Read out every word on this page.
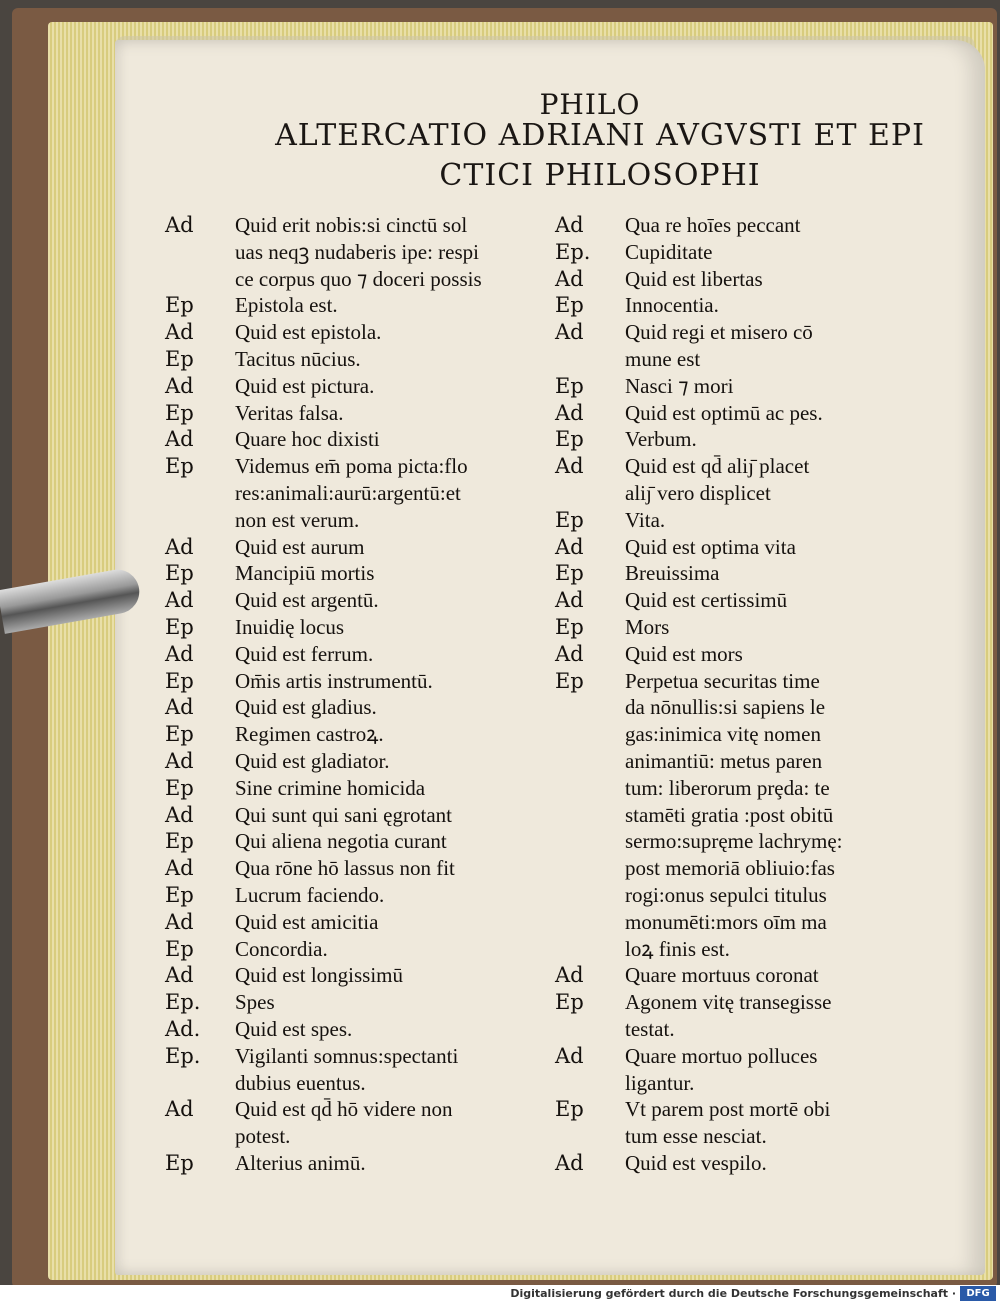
PHILO
ALTERCATIO ADRIANI AVGVSTI ET EPI
CTICI PHILOSOPHI
Ad	Quid erit nobis:si cinctū sol
uas neqꝫ nudaberis ipe: respi
ce corpus quo ⁊ doceri possis
Ep	Epistola est.
Ad	Quid est epistola.
Ep	Tacitus nūcius.
Ad	Quid est pictura.
Ep	Veritas falsa.
Ad	Quare hoc dixisti
Ep	Videmus em̄ poma picta:flo
res:animali:aurū:argentū:et
non est verum.
Ad	Quid est aurum
Ep	Mancipiū mortis
Ad	Quid est argentū.
Ep	Inuidię locus
Ad	Quid est ferrum.
Ep	Om̄is artis instrumentū.
Ad	Quid est gladius.
Ep	Regimen castroꝝ.
Ad	Quid est gladiator.
Ep	Sine crimine homicida
Ad	Qui sunt qui sani ęgrotant
Ep	Qui aliena negotia curant
Ad	Qua rōne hō lassus non fit
Ep	Lucrum faciendo.
Ad	Quid est amicitia
Ep	Concordia.
Ad	Quid est longissimū
Ep.	Spes
Ad.	Quid est spes.
Ep.	Vigilanti somnus:spectanti
dubius euentus.
Ad	Quid est qd̄ hō videre non
potest.
Ep	Alterius animū.
Ad	Qua re hoīes peccant
Ep.	Cupiditate
Ad	Quid est libertas
Ep	Innocentia.
Ad	Quid regi et misero cō
mune est
Ep	Nasci ⁊ mori
Ad	Quid est optimū ac pes.
Ep	Verbum.
Ad	Quid est qd̄ aliȷ̄ placet
aliȷ̄ vero displicet
Ep	Vita.
Ad	Quid est optima vita
Ep	Breuissima
Ad	Quid est certissimū
Ep	Mors
Ad	Quid est mors
Ep	Perpetua securitas time
da nōnullis:si sapiens le
gas:inimica vitę nomen
animantiū: metus paren
tum: liberorum prȩda: te
stamēti gratia :post obitū
sermo:supręme lachrymę:
post memoriā obliuio:fas
rogi:onus sepulci titulus
monumēti:mors oīm ma
loꝝ finis est.
Ad	Quare mortuus coronat
Ep	Agonem vitę transegisse
testat.
Ad	Quare mortuo polluces
ligantur.
Ep	Vt parem post mortē obi
tum esse nesciat.
Ad	Quid est vespilo.
Digitalisierung gefördert durch die Deutsche Forschungsgemeinschaft ·	DFG
